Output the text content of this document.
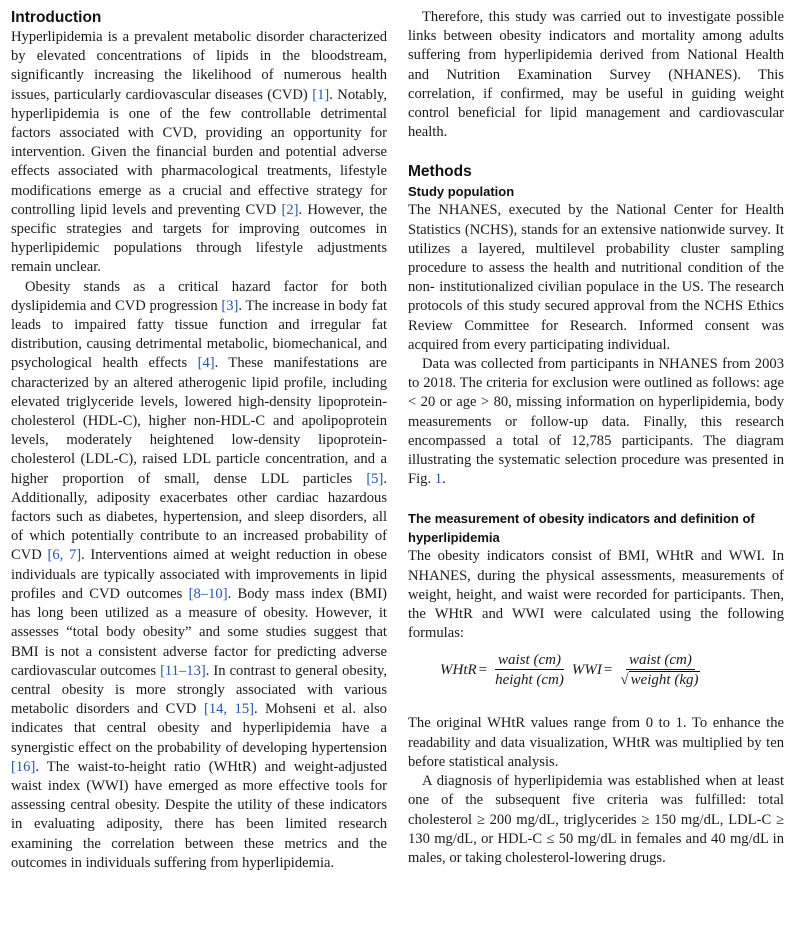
Introduction

Hyperlipidemia is a prevalent metabolic disorder characterized by elevated concentrations of lipids in the bloodstream, significantly increasing the likelihood of numerous health issues, particularly cardiovascular diseases (CVD) [1]. Notably, hyperlipidemia is one of the few controllable detrimental factors associated with CVD, providing an opportunity for intervention. Given the financial burden and potential adverse effects associated with pharmacological treatments, lifestyle modifications emerge as a crucial and effective strategy for controlling lipid levels and preventing CVD [2]. However, the specific strategies and targets for improving outcomes in hyperlipidemic populations through lifestyle adjustments remain unclear.

Obesity stands as a critical hazard factor for both dyslipidemia and CVD progression [3]. The increase in body fat leads to impaired fatty tissue function and irregular fat distribution, causing detrimental metabolic, biomechanical, and psychological health effects [4]. These manifestations are characterized by an altered atherogenic lipid profile, including elevated triglyceride levels, lowered high-density lipoprotein-cholesterol (HDL-C), higher non-HDL-C and apolipoprotein levels, moderately heightened low-density lipoprotein-cholesterol (LDL-C), raised LDL particle concentration, and a higher proportion of small, dense LDL particles [5]. Additionally, adiposity exacerbates other cardiac hazardous factors such as diabetes, hypertension, and sleep disorders, all of which potentially contribute to an increased probability of CVD [6, 7]. Interventions aimed at weight reduction in obese individuals are typically associated with improvements in lipid profiles and CVD outcomes [8–10]. Body mass index (BMI) has long been utilized as a measure of obesity. However, it assesses “total body obesity” and some studies suggest that BMI is not a consistent adverse factor for predicting adverse cardiovascular outcomes [11–13]. In contrast to general obesity, central obesity is more strongly associated with various metabolic disorders and CVD [14, 15]. Mohseni et al. also indicates that central obesity and hyperlipidemia have a synergistic effect on the probability of developing hypertension [16]. The waist-to-height ratio (WHtR) and weight-adjusted waist index (WWI) have emerged as more effective tools for assessing central obesity. Despite the utility of these indicators in evaluating adiposity, there has been limited research examining the correlation between these metrics and the outcomes in individuals suffering from hyperlipidemia.

Therefore, this study was carried out to investigate possible links between obesity indicators and mortality among adults suffering from hyperlipidemia derived from National Health and Nutrition Examination Survey (NHANES). This correlation, if confirmed, may be useful in guiding weight control beneficial for lipid management and cardiovascular health.

Methods
Study population

The NHANES, executed by the National Center for Health Statistics (NCHS), stands for an extensive nationwide survey. It utilizes a layered, multilevel probability cluster sampling procedure to assess the health and nutritional condition of the non- institutionalized civilian populace in the US. The research protocols of this study secured approval from the NCHS Ethics Review Committee for Research. Informed consent was acquired from every participating individual.

Data was collected from participants in NHANES from 2003 to 2018. The criteria for exclusion were outlined as follows: age < 20 or age > 80, missing information on hyperlipidemia, body measurements or follow-up data. Finally, this research encompassed a total of 12,785 participants. The diagram illustrating the systematic selection procedure was presented in Fig. 1.

The measurement of obesity indicators and definition of hyperlipidemia

The obesity indicators consist of BMI, WHtR and WWI. In NHANES, during the physical assessments, measurements of weight, height, and waist were recorded for participants. Then, the WHtR and WWI were calculated using the following formulas:

WHtR = $\frac{\text{waist (cm)}}{\text{height (cm)}}$ WWI = $\frac{\text{waist (cm)}}{\text{√ weight (kg)}}$

The original WHtR values range from 0 to 1. To enhance the readability and data visualization, WHtR was multiplied by ten before statistical analysis.

A diagnosis of hyperlipidemia was established when at least one of the subsequent five criteria was fulfilled: total cholesterol ≥ 200 mg/dL, triglycerides ≥ 150 mg/dL, LDL-C ≥ 130 mg/dL, or HDL-C ≤ 50 mg/dL in females and 40 mg/dL in males, or taking cholesterol-lowering drugs.
